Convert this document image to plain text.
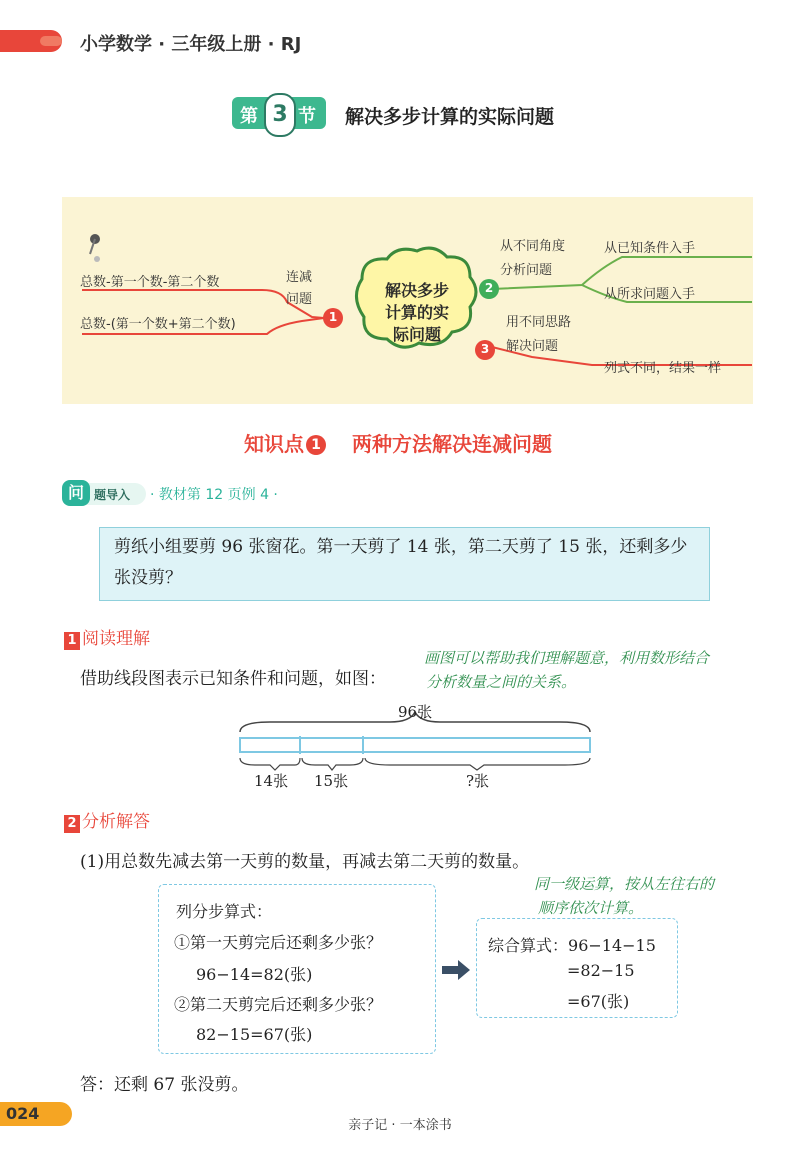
小学数学 · 三年级上册 · RJ
第 节
3	解决多步计算的实际问题
1
2
3
解决多步
计算的实
际问题
总数-第一个数-第二个数
总数-(第一个数+第二个数)
连减
问题
从不同角度
分析问题
从已知条件入手
从所求问题入手
用不同思路
解决问题
列式不同，结果一样
知识点 1 两种方法解决连减问题
问 题导入 · 教材第 12 页例 4 ·
剪纸小组要剪 96 张窗花。第一天剪了 14 张，第二天剪了 15 张，还剩多少张没剪？
1 阅读理解
借助线段图表示已知条件和问题，如图：
画图可以帮助我们理解题意，利用数形结合
分析数量之间的关系。
96张
14张 15张	?张
2 分析解答
(1)用总数先减去第一天剪的数量，再减去第二天剪的数量。
同一级运算，按从左往右的
顺序依次计算。
列分步算式：
①第一天剪完后还剩多少张？
96−14=82(张)
②第二天剪完后还剩多少张？
82−15=67(张)
综合算式：96−14−15
=82−15
=67(张)
答：还剩 67 张没剪。
024
亲子记 · 一本涂书
